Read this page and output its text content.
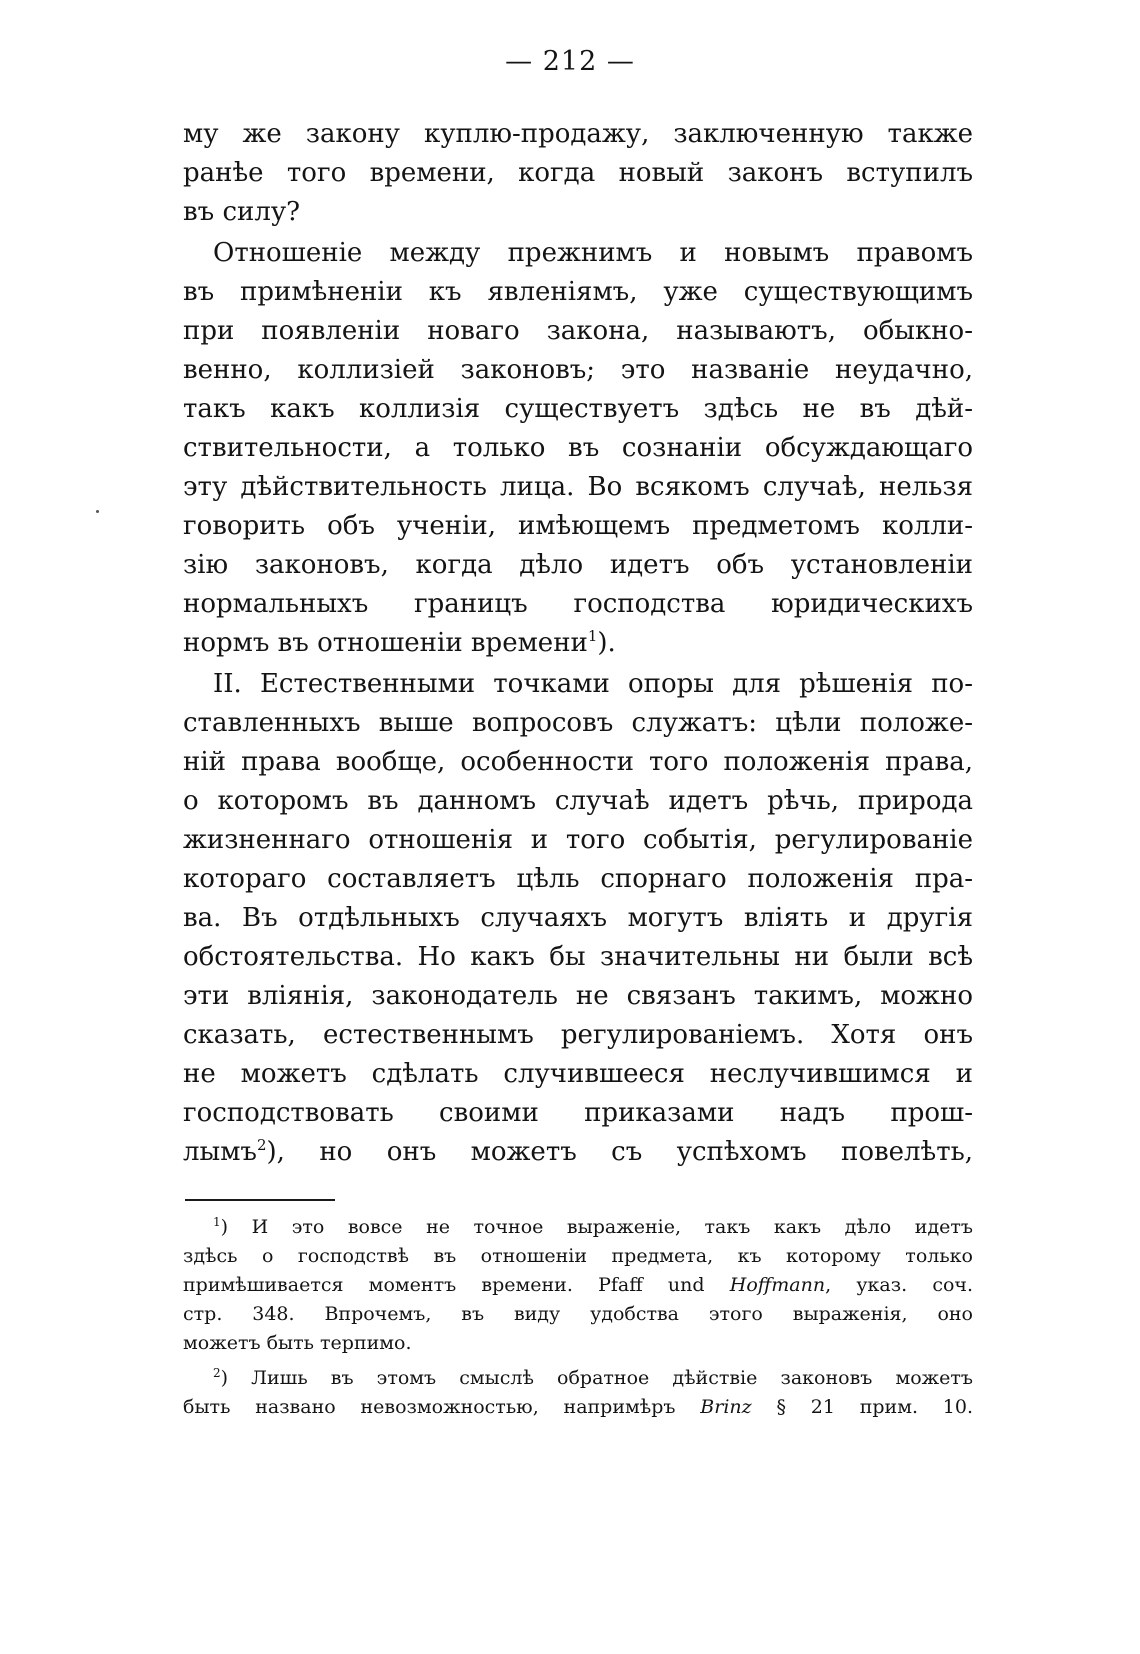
— 212 —
му же закону куплю-продажу, заключенную также
ранѣе того времени, когда новый законъ вступилъ
въ силу?
Отношеніе между прежнимъ и новымъ правомъ
въ примѣненіи къ явленіямъ, уже существующимъ
при появленіи новаго закона, называютъ, обыкно-
венно, коллизіей законовъ; это названіе неудачно,
такъ какъ коллизія существуетъ здѣсь не въ дѣй-
ствительности, а только въ сознаніи обсуждающаго
эту дѣйствительность лица. Во всякомъ случаѣ, нельзя
говорить объ ученіи, имѣющемъ предметомъ колли-
зію законовъ, когда дѣло идетъ объ установленіи
нормальныхъ границъ господства юридическихъ
нормъ въ отношеніи времени$^1$).
II. Естественными точками опоры для рѣшенія по-
ставленныхъ выше вопросовъ служатъ: цѣли положе-
ній права вообще, особенности того положенія права,
о которомъ въ данномъ случаѣ идетъ рѣчь, природа
жизненнаго отношенія и того событія, регулированіе
котораго составляетъ цѣль спорнаго положенія пра-
ва. Въ отдѣльныхъ случаяхъ могутъ влiять и другія
обстоятельства. Но какъ бы значительны ни были всѣ
эти вліянія, законодатель не связанъ такимъ, можно
сказать, естественнымъ регулированіемъ. Хотя онъ
не можетъ сдѣлать случившееся неслучившимся и
господствовать своими приказами надъ прош-
лымъ$^2$), но онъ можетъ съ успѣхомъ повелѣть,
$^1$) И это вовсе не точное выраженіе, такъ какъ дѣло идетъ
здѣсь о господствѣ въ отношеніи предмета, къ которому только
примѣшивается моментъ времени. Pfaff und Hoffmann, указ. соч.
стр. 348. Впрочемъ, въ виду удобства этого выраженія, оно
можетъ быть терпимо.
$^2$) Лишь въ этомъ смыслѣ обратное дѣйствіе законовъ можетъ
быть названо невозможностью, напримѣръ Brinz § 21 прим. 10.
